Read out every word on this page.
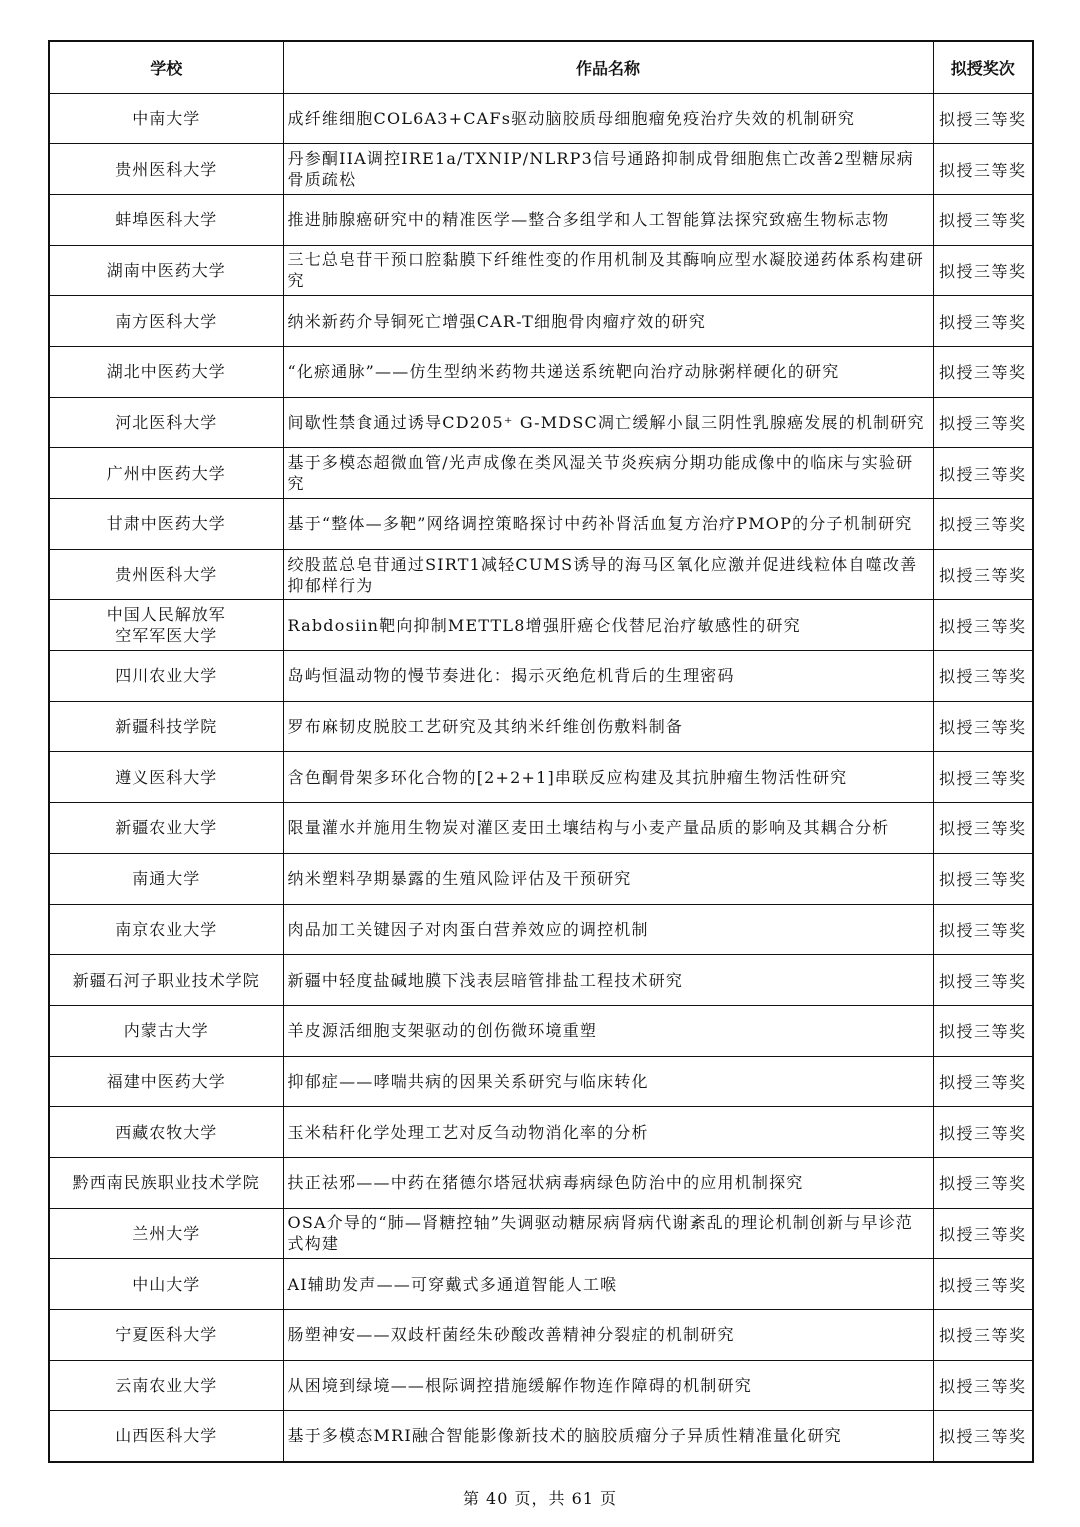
学校	作品名称	拟授奖次
中南大学	成纤维细胞COL6A3+CAFs驱动脑胶质母细胞瘤免疫治疗失效的机制研究	拟授三等奖
贵州医科大学	丹参酮IIA调控IRE1a/TXNIP/NLRP3信号通路抑制成骨细胞焦亡改善2型糖尿病骨质疏松	拟授三等奖
蚌埠医科大学	推进肺腺癌研究中的精准医学—整合多组学和人工智能算法探究致癌生物标志物	拟授三等奖
湖南中医药大学	三七总皂苷干预口腔黏膜下纤维性变的作用机制及其酶响应型水凝胶递药体系构建研究	拟授三等奖
南方医科大学	纳米新药介导铜死亡增强CAR-T细胞骨肉瘤疗效的研究	拟授三等奖
湖北中医药大学	“化瘀通脉”——仿生型纳米药物共递送系统靶向治疗动脉粥样硬化的研究	拟授三等奖
河北医科大学	间歇性禁食通过诱导CD205⁺ G-MDSC凋亡缓解小鼠三阴性乳腺癌发展的机制研究	拟授三等奖
广州中医药大学	基于多模态超微血管/光声成像在类风湿关节炎疾病分期功能成像中的临床与实验研究	拟授三等奖
甘肃中医药大学	基于“整体—多靶”网络调控策略探讨中药补肾活血复方治疗PMOP的分子机制研究	拟授三等奖
贵州医科大学	绞股蓝总皂苷通过SIRT1减轻CUMS诱导的海马区氧化应激并促进线粒体自噬改善抑郁样行为	拟授三等奖

中国人民解放军
空军军医大学	Rabdosiin靶向抑制METTL8增强肝癌仑伐替尼治疗敏感性的研究	拟授三等奖
四川农业大学	岛屿恒温动物的慢节奏进化：揭示灭绝危机背后的生理密码	拟授三等奖
新疆科技学院	罗布麻韧皮脱胶工艺研究及其纳米纤维创伤敷料制备	拟授三等奖
遵义医科大学	含色酮骨架多环化合物的[2+2+1]串联反应构建及其抗肿瘤生物活性研究	拟授三等奖
新疆农业大学	限量灌水并施用生物炭对灌区麦田土壤结构与小麦产量品质的影响及其耦合分析	拟授三等奖
南通大学	纳米塑料孕期暴露的生殖风险评估及干预研究	拟授三等奖
南京农业大学	肉品加工关键因子对肉蛋白营养效应的调控机制	拟授三等奖
新疆石河子职业技术学院	新疆中轻度盐碱地膜下浅表层暗管排盐工程技术研究	拟授三等奖
内蒙古大学	羊皮源活细胞支架驱动的创伤微环境重塑	拟授三等奖
福建中医药大学	抑郁症——哮喘共病的因果关系研究与临床转化	拟授三等奖
西藏农牧大学	玉米秸秆化学处理工艺对反刍动物消化率的分析	拟授三等奖
黔西南民族职业技术学院	扶正祛邪——中药在猪德尔塔冠状病毒病绿色防治中的应用机制探究	拟授三等奖
兰州大学	OSA介导的“肺—肾糖控轴”失调驱动糖尿病肾病代谢紊乱的理论机制创新与早诊范式构建	拟授三等奖
中山大学	AI辅助发声——可穿戴式多通道智能人工喉	拟授三等奖
宁夏医科大学	肠塑神安——双歧杆菌经朱砂酸改善精神分裂症的机制研究	拟授三等奖
云南农业大学	从困境到绿境——根际调控措施缓解作物连作障碍的机制研究	拟授三等奖
山西医科大学	基于多模态MRI融合智能影像新技术的脑胶质瘤分子异质性精准量化研究	拟授三等奖
第 40 页，共 61 页
